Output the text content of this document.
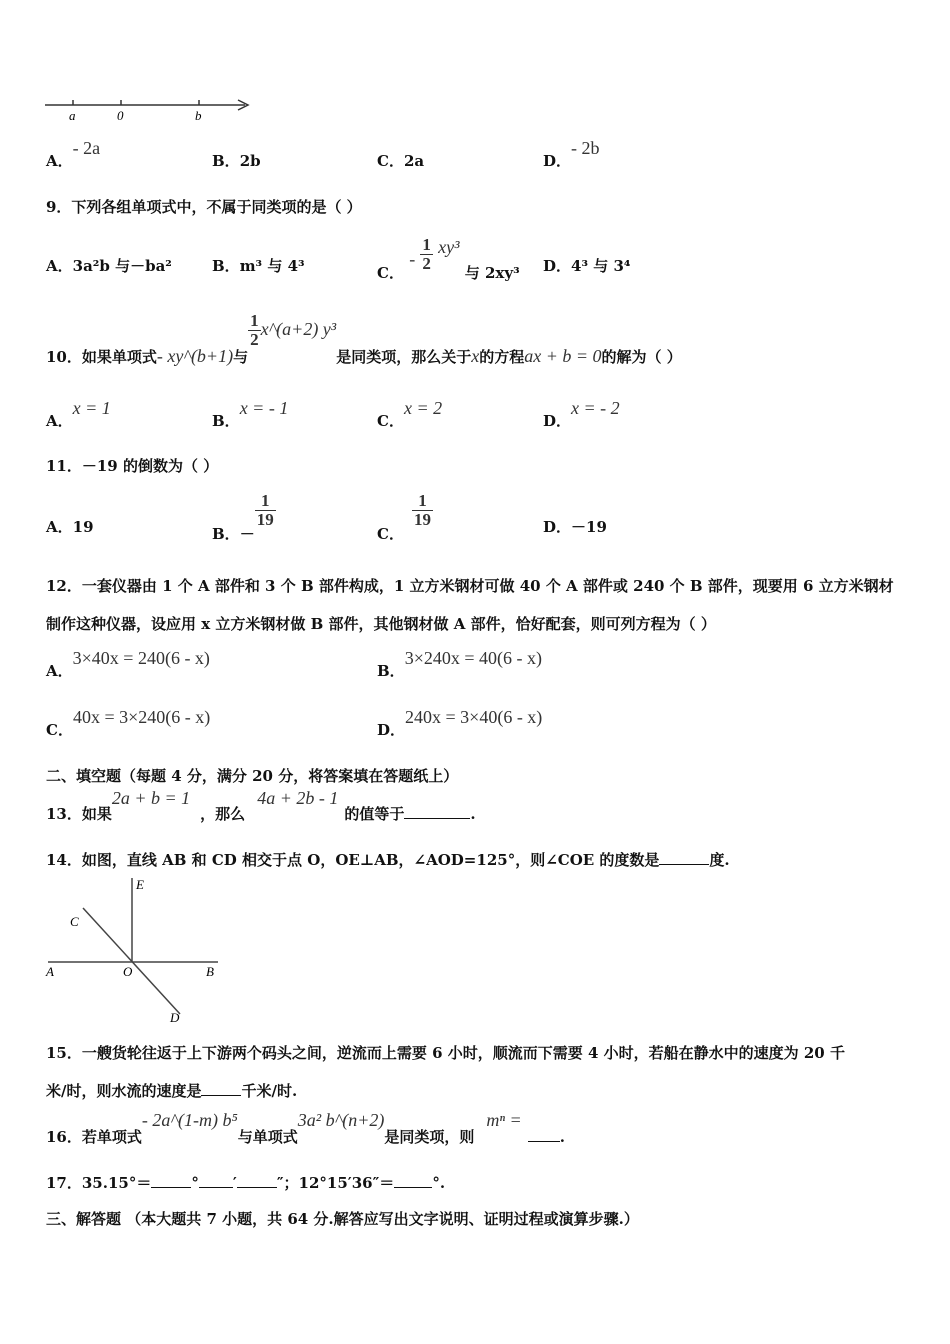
a	0	b
A．- 2a
B．2b	C．2a	D．- 2b
9．下列各组单项式中，不属于同类项的是（ ）
A．3a²b 与－ba²	B．m³ 与 4³	C． - $\frac{1}{2} xy^3$ 与 2xy³ D．4³ 与 3⁴
10．如果单项式- xy^(b+1)与
$\frac{1}{2}$ x^(a+2) y³是同类项，那么关于x的方程ax + b = 0的解为（ ）
A．x = 1
B．x = - 1
C．x = 2
D．x = - 2
11．－19 的倒数为（ ）
A．19	B．－
$\frac{1}{19}$
C．
$\frac{1}{19}$	D．－19
12．一套仪器由 1 个 A 部件和 3 个 B 部件构成，1 立方米钢材可做 40 个 A 部件或 240 个 B 部件，现要用 6 立方米钢材
制作这种仪器，设应用 x 立方米钢材做 B 部件，其他钢材做 A 部件，恰好配套，则可列方程为（ ）
A．3×40x = 240(6 - x)
B．3×240x = 40(6 - x)
C．40x = 3×240(6 - x)
D．240x = 3×40(6 - x)
二、填空题（每题 4 分，满分 20 分，将答案填在答题纸上）
13．如果2a + b = 1，那么4a + 2b - 1的值等于	.
14．如图，直线 AB 和 CD 相交于点 O，OE⊥AB，∠AOD=125°，则∠COE 的度数是	度.
E
C
A	O	B
D
15．一艘货轮往返于上下游两个码头之间，逆流而上需要 6 小时，顺流而下需要 4 小时，若船在静水中的速度为 20 千
米/时，则水流的速度是	千米/时.
16．若单项式- 2a^(1-m) b⁵与单项式3a² b^(n+2)是同类项，则mⁿ =.
17．35.15°＝	° ′	″；12°15′36″＝	°.
三、解答题 （本大题共 7 小题，共 64 分.解答应写出文字说明、证明过程或演算步骤.）
